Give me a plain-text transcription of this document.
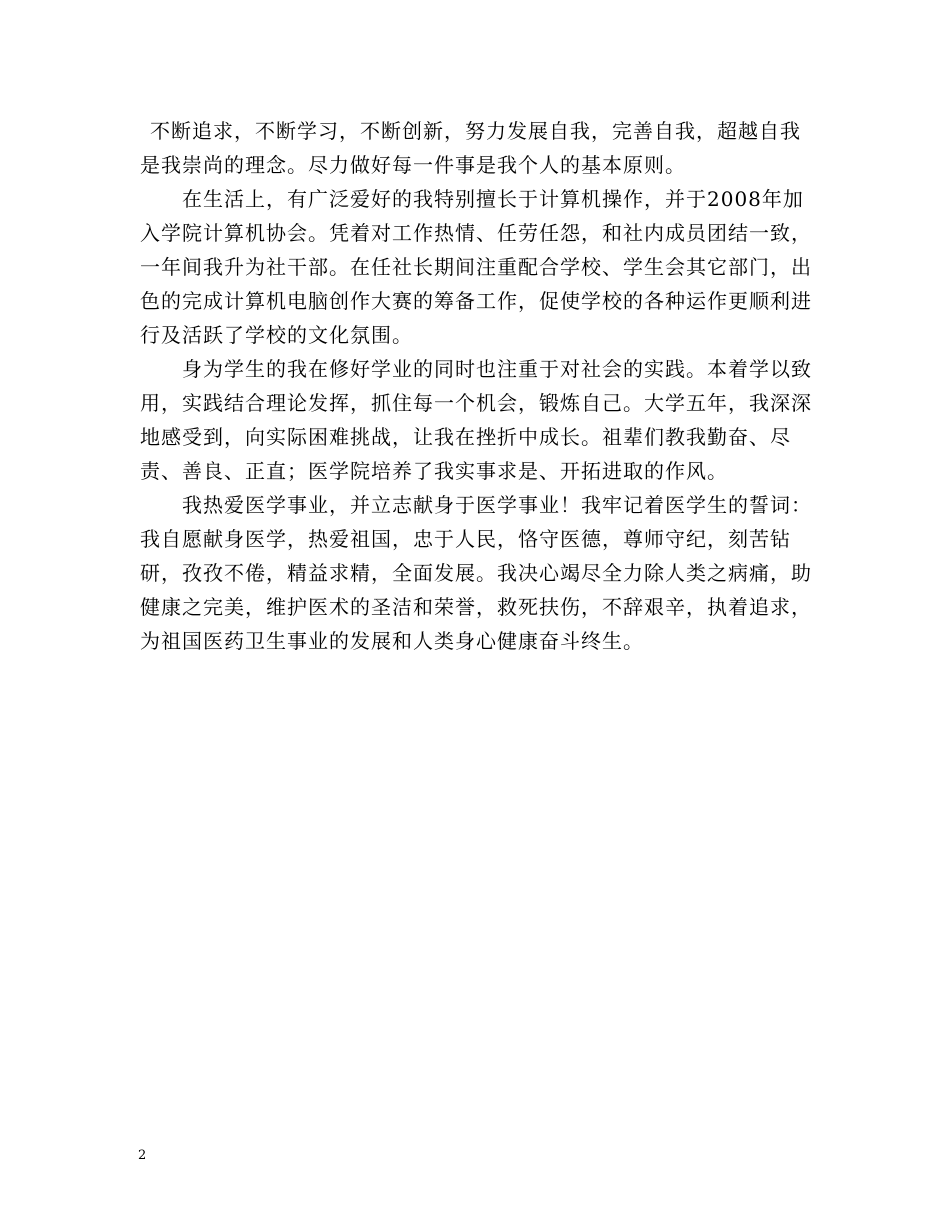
不断追求，不断学习，不断创新，努力发展自我，完善自我，超越自我是我崇尚的理念。尽力做好每一件事是我个人的基本原则。

在生活上，有广泛爱好的我特别擅长于计算机操作，并于2008年加入学院计算机协会。凭着对工作热情、任劳任怨，和社内成员团结一致，一年间我升为社干部。在任社长期间注重配合学校、学生会其它部门，出色的完成计算机电脑创作大赛的筹备工作，促使学校的各种运作更顺利进行及活跃了学校的文化氛围。

身为学生的我在修好学业的同时也注重于对社会的实践。本着学以致用，实践结合理论发挥，抓住每一个机会，锻炼自己。大学五年，我深深地感受到，向实际困难挑战，让我在挫折中成长。祖辈们教我勤奋、尽责、善良、正直；医学院培养了我实事求是、开拓进取的作风。

我热爱医学事业，并立志献身于医学事业！我牢记着医学生的誓词：我自愿献身医学，热爱祖国，忠于人民，恪守医德，尊师守纪，刻苦钻研，孜孜不倦，精益求精，全面发展。我决心竭尽全力除人类之病痛，助健康之完美，维护医术的圣洁和荣誉，救死扶伤，不辞艰辛，执着追求，为祖国医药卫生事业的发展和人类身心健康奋斗终生。

2
